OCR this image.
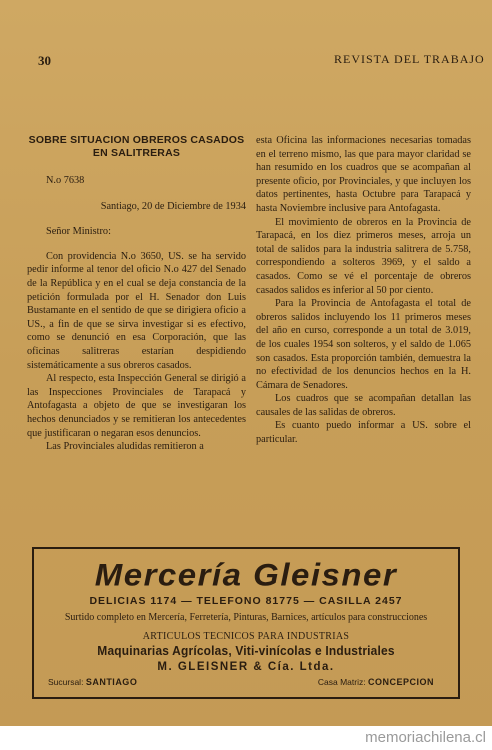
30	REVISTA DEL TRABAJO
SOBRE SITUACION OBREROS CASADOS EN SALITRERAS
N.o 7638
Santiago, 20 de Diciembre de 1934
Señor Ministro:

Con providencia N.o 3650, US. se ha servido pedir informe al tenor del oficio N.o 427 del Senado de la República y en el cual se deja constancia de la petición formulada por el H. Senador don Luis Bustamante en el sentido de que se dirigiera oficio a US., a fin de que se sirva investigar si es efectivo, como se denunció en esa Corporación, que las oficinas salitreras estarían despidiendo sistemáticamente a sus obreros casados.

Al respecto, esta Inspección General se dirigió a las Inspecciones Provinciales de Tarapacá y Antofagasta a objeto de que se investigaran los hechos denunciados y se remitieran los antecedentes que justificaran o negaran esos denuncios.

Las Provinciales aludidas remitieron a

esta Oficina las informaciones necesarias tomadas en el terreno mismo, las que para mayor claridad se han resumido en los cuadros que se acompañan al presente oficio, por Provinciales, y que incluyen los datos pertinentes, hasta Octubre para Tarapacá y hasta Noviembre inclusive para Antofagasta.

El movimiento de obreros en la Provincia de Tarapacá, en los diez primeros meses, arroja un total de salidos para la industria salitrera de 5.758, correspondiendo a solteros 3969, y el saldo a casados. Como se vé el porcentaje de obreros casados salidos es inferior al 50 por ciento.

Para la Provincia de Antofagasta el total de obreros salidos incluyendo los 11 primeros meses del año en curso, corresponde a un total de 3.019, de los cuales 1954 son solteros, y el saldo de 1.065 son casados. Esta proporción también, demuestra la no efectividad de los denuncios hechos en la H. Cámara de Senadores.

Los cuadros que se acompañan detallan las causales de las salidas de obreros.

Es cuanto puedo informar a US. sobre el particular.

Mercería Gleisner
DELICIAS 1174 — TELEFONO 81775 — CASILLA 2457
Surtido completo en Mercería, Ferretería, Pinturas, Barnices, artículos para construcciones
ARTICULOS TECNICOS PARA INDUSTRIAS
Maquinarias Agrícolas, Viti-vinícolas e Industriales
M. GLEISNER & Cía. Ltda.
Sucursal: SANTIAGO	Casa Matriz: CONCEPCION
memoriachilena.cl
